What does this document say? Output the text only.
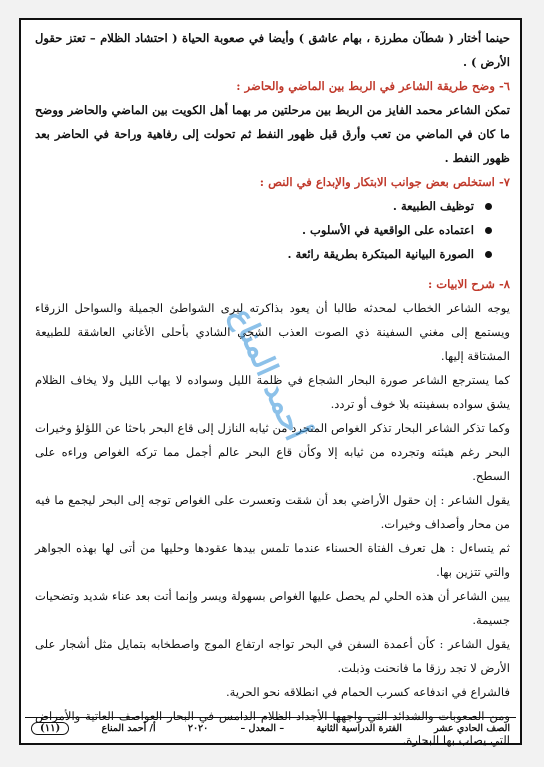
حينما أختار ( شطآن مطرزة ، بهام عاشق ) وأيضا في صعوبة الحياة ( احتشاد الظلام – تعتز حقول الأرض ) .

٦- وضح طريقة الشاعر في الربط بين الماضي والحاضر :

تمكن الشاعر محمد الفايز من الربط بين مرحلتين مر بهما أهل الكويت بين الماضي والحاضر ووضح ما كان في الماضي من تعب وأرق قبل ظهور النفط ثم تحولت إلى رفاهية وراحة في الحاضر بعد ظهور النفط .

٧- استخلص بعض جوانب الابتكار والإبداع في النص :

توظيف الطبيعة .
اعتماده على الواقعية في الأسلوب .
الصورة البيانية المبتكرة بطريقة رائعة .

٨- شرح الابيات :

يوجه الشاعر الخطاب لمحدثه طالبا أن يعود بذاكرته ليرى الشواطئ الجميلة والسواحل الزرقاء ويستمع إلى مغني السفينة ذي الصوت العذب الشجي الشادي بأحلى الأغاني العاشقة للطبيعة المشتاقة إليها.

كما يسترجع الشاعر صورة البحار الشجاع في ظلمة الليل وسواده لا يهاب الليل ولا يخاف الظلام يشق سواده بسفينته بلا خوف أو تردد.

وكما تذكر الشاعر البحار تذكر الغواص المتجرد من ثيابه النازل إلى قاع البحر باحثا عن اللؤلؤ وخيرات البحر رغم هيئته وتجرده من ثيابه إلا وكأن قاع البحر عالم أجمل مما تركه الغواص وراءه على السطح.

يقول الشاعر : إن حقول الأراضي بعد أن شقت وتعسرت على الغواص توجه إلى البحر ليجمع ما فيه من محار وأصداف وخيرات.

ثم يتساءل : هل تعرف الفتاة الحسناء عندما تلمس بيدها عقودها وحليها من أتى لها بهذه الجواهر والتي تتزين بها.

يبين الشاعر أن هذه الحلي لم يحصل عليها الغواص بسهولة ويسر وإنما أتت بعد عناء شديد وتضحيات جسيمة.

يقول الشاعر : كأن أعمدة السفن في البحر تواجه ارتفاع الموج واصطخابه بتمايل مثل أشجار على الأرض لا تجد رزقا ما فانحنت وذبلت.

فالشراع في اندفاعه كسرب الحمام في انطلاقه نحو الحرية.

ومن الصعوبات والشدائد التي واجهها الأجداد الظلام الدامس في البحار العواصف العاتية والأمراض التي يصاب بها البحارة.

أحمد المناع
الصف الحادي عشر
الفترة الدراسية الثانية
– المعدل –
٢٠٢٠
أ/ أحمد المناع
(١١)
